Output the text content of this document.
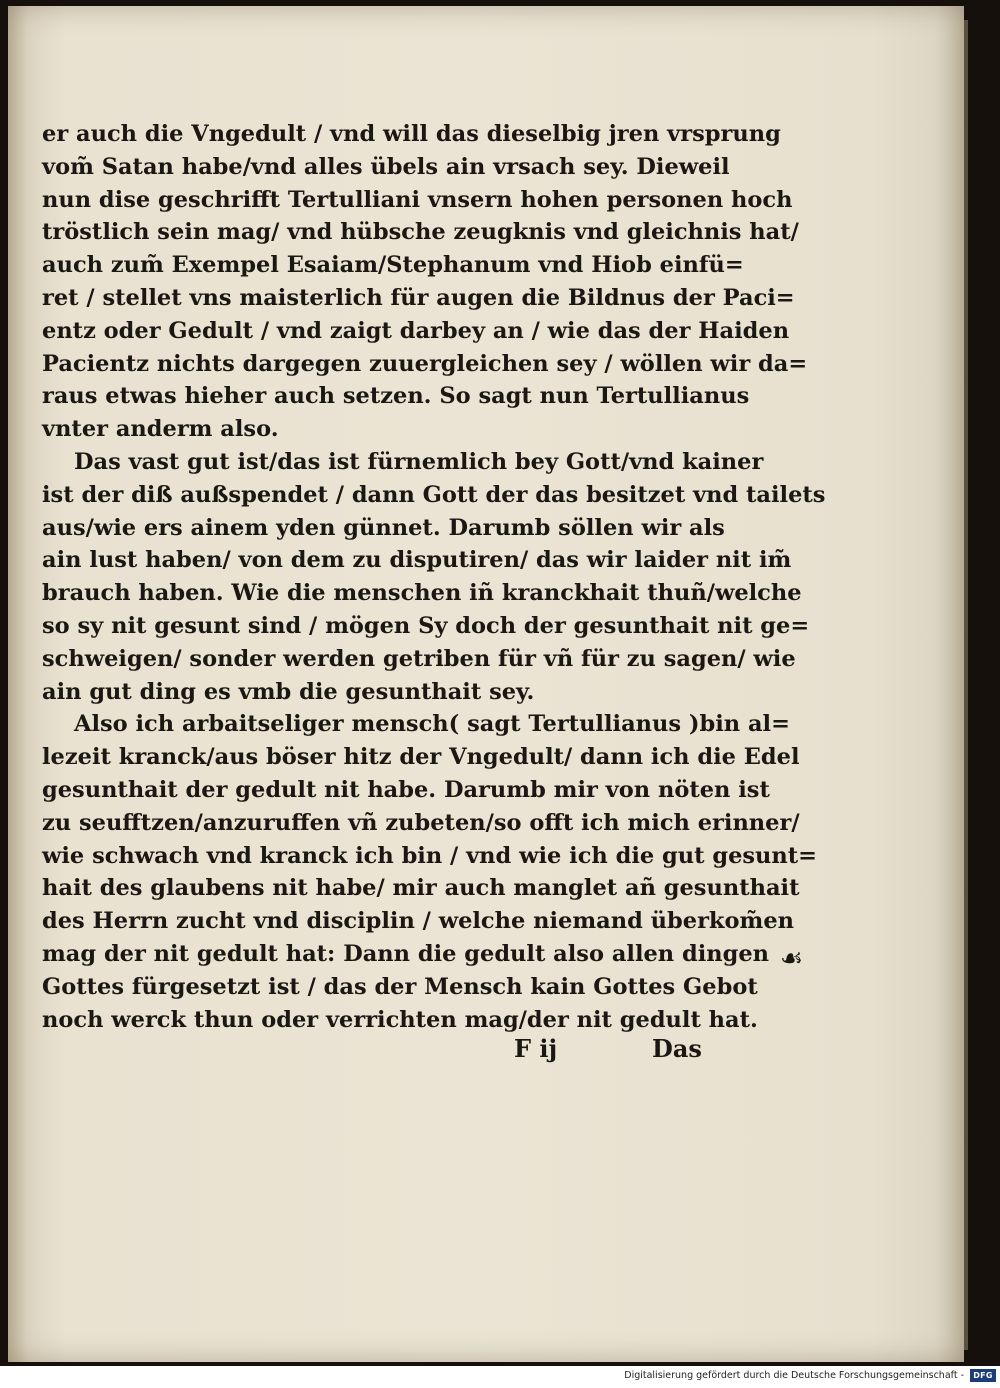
er auch die Vngedult / vnd will das dieselbig jren vrsprung
vom̃ Satan habe/vnd alles übels ain vrsach sey. Dieweil
nun dise geschrifft Tertulliani vnsern hohen personen hoch
tröstlich sein mag/ vnd hübsche zeugknis vnd gleichnis hat/
auch zum̃ Exempel Esaiam/Stephanum vnd Hiob einfü=
ret / stellet vns maisterlich für augen die Bildnus der Paci=
entz oder Gedult / vnd zaigt darbey an / wie das der Haiden
Pacientz nichts dargegen zuuergleichen sey / wöllen wir da=
raus etwas hieher auch setzen. So sagt nun Tertullianus
vnter anderm also.
Das vast gut ist/das ist fürnemlich bey Gott/vnd kainer
ist der diß außspendet / dann Gott der das besitzet vnd tailets
aus/wie ers ainem yden günnet. Darumb söllen wir als
ain lust haben/ von dem zu disputiren/ das wir laider nit im̃
brauch haben. Wie die menschen iñ kranckhait thuñ/welche
so sy nit gesunt sind / mögen Sy doch der gesunthait nit ge=
schweigen/ sonder werden getriben für vñ für zu sagen/ wie
ain gut ding es vmb die gesunthait sey.
Also ich arbaitseliger mensch( sagt Tertullianus )bin al=
lezeit kranck/aus böser hitz der Vngedult/ dann ich die Edel
gesunthait der gedult nit habe. Darumb mir von nöten ist
zu seufftzen/anzuruffen vñ zubeten/so offt ich mich erinner/
wie schwach vnd kranck ich bin / vnd wie ich die gut gesunt=
hait des glaubens nit habe/ mir auch manglet añ gesunthait
des Herrn zucht vnd disciplin / welche niemand überkom̃en
mag der nit gedult hat: Dann die gedult also allen dingen
Gottes fürgesetzt ist / das der Mensch kain Gottes Gebot
noch werck thun oder verrichten mag/der nit gedult hat.
F ij	Das
☙
Digitalisierung gefördert durch die Deutsche Forschungsgemeinschaft -	DFG
